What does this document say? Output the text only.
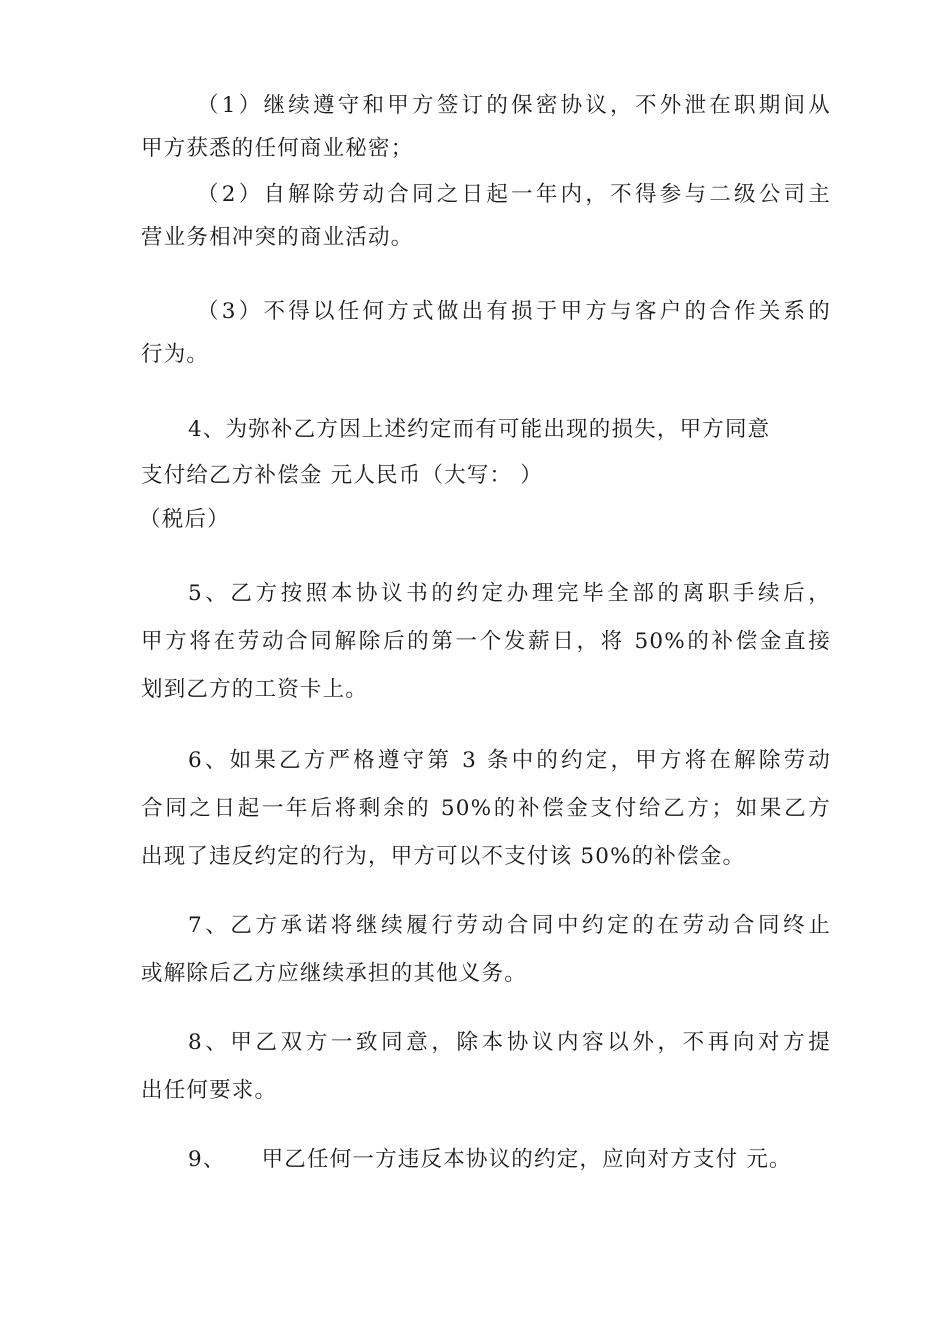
（1）继续遵守和甲方签订的保密协议，不外泄在职期间从
甲方获悉的任何商业秘密；
（2）自解除劳动合同之日起一年内，不得参与二级公司主
营业务相冲突的商业活动。
（3）不得以任何方式做出有损于甲方与客户的合作关系的
行为。
4、为弥补乙方因上述约定而有可能出现的损失，甲方同意
支付给乙方补偿金 元人民币（大写： ）
（税后）
5、乙方按照本协议书的约定办理完毕全部的离职手续后，
甲方将在劳动合同解除后的第一个发薪日，将 50%的补偿金直接
划到乙方的工资卡上。
6、如果乙方严格遵守第 3 条中的约定，甲方将在解除劳动
合同之日起一年后将剩余的 50%的补偿金支付给乙方；如果乙方
出现了违反约定的行为，甲方可以不支付该 50%的补偿金。
7、乙方承诺将继续履行劳动合同中约定的在劳动合同终止
或解除后乙方应继续承担的其他义务。
8、甲乙双方一致同意，除本协议内容以外，不再向对方提
出任何要求。
9、 甲乙任何一方违反本协议的约定，应向对方支付 元。
